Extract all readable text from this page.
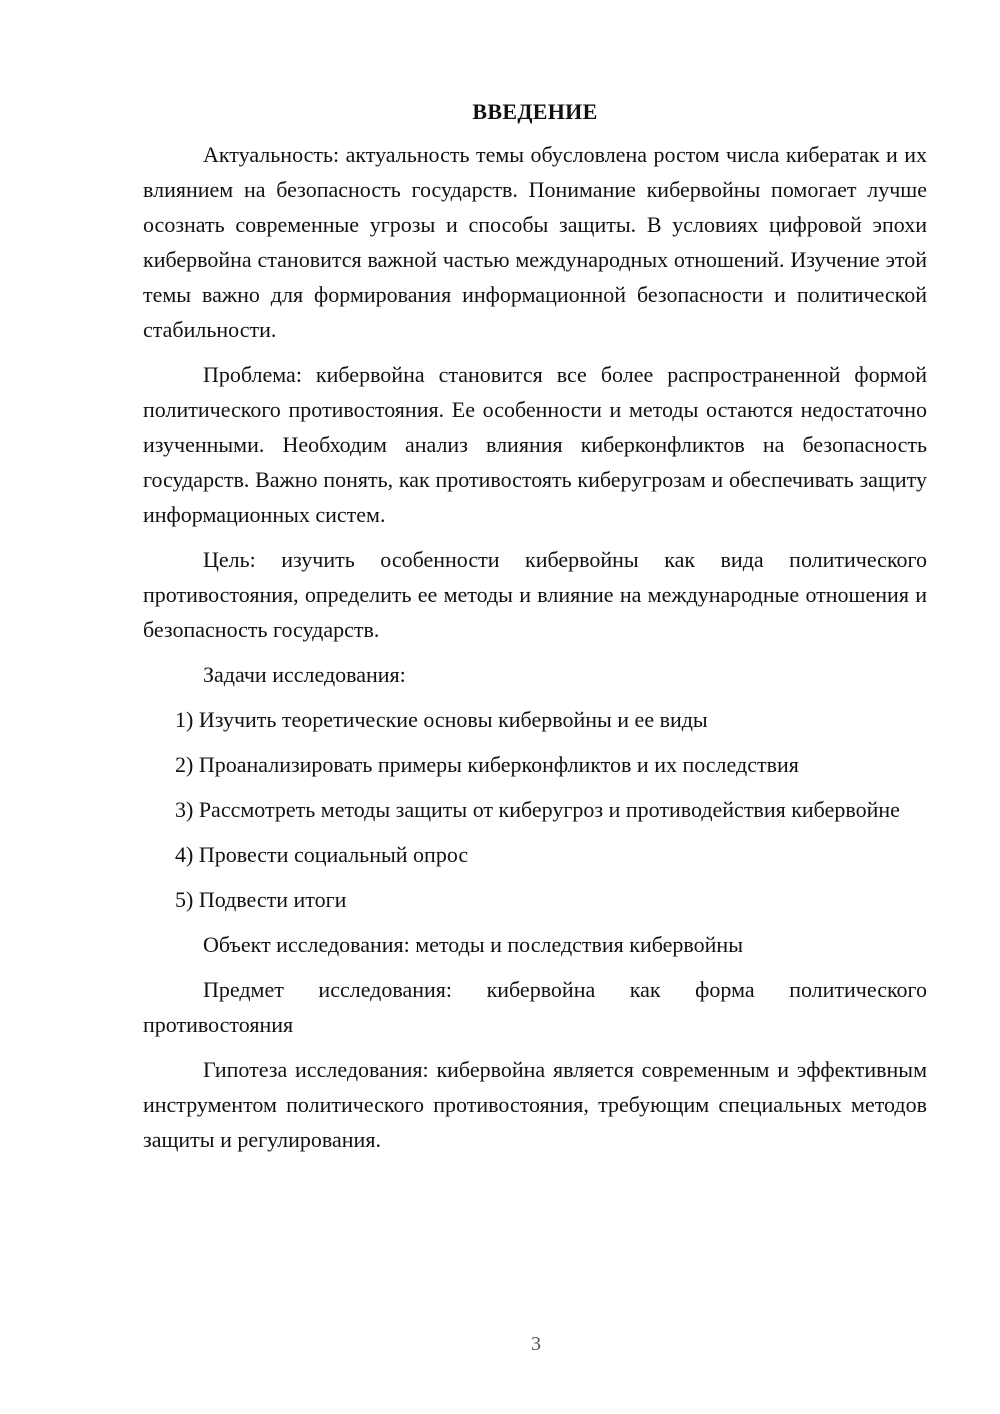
ВВЕДЕНИЕ

Актуальность: актуальность темы обусловлена ростом числа кибератак и их влиянием на безопасность государств. Понимание кибервойны помогает лучше осознать современные угрозы и способы защиты. В условиях цифровой эпохи кибервойна становится важной частью международных отношений. Изучение этой темы важно для формирования информационной безопасности и политической стабильности.

Проблема: кибервойна становится все более распространенной формой политического противостояния. Ее особенности и методы остаются недостаточно изученными. Необходим анализ влияния киберконфликтов на безопасность государств. Важно понять, как противостоять киберугрозам и обеспечивать защиту информационных систем.

Цель: изучить особенности кибервойны как вида политического противостояния, определить ее методы и влияние на международные отношения и безопасность государств.

Задачи исследования:

1) Изучить теоретические основы кибервойны и ее виды

2) Проанализировать примеры киберконфликтов и их последствия

3) Рассмотреть методы защиты от киберугроз и противодействия кибервойне

4) Провести социальный опрос

5) Подвести итоги

Объект исследования: методы и последствия кибервойны

Предмет исследования: кибервойна как форма политического противостояния

Гипотеза исследования: кибервойна является современным и эффективным инструментом политического противостояния, требующим специальных методов защиты и регулирования.

3
